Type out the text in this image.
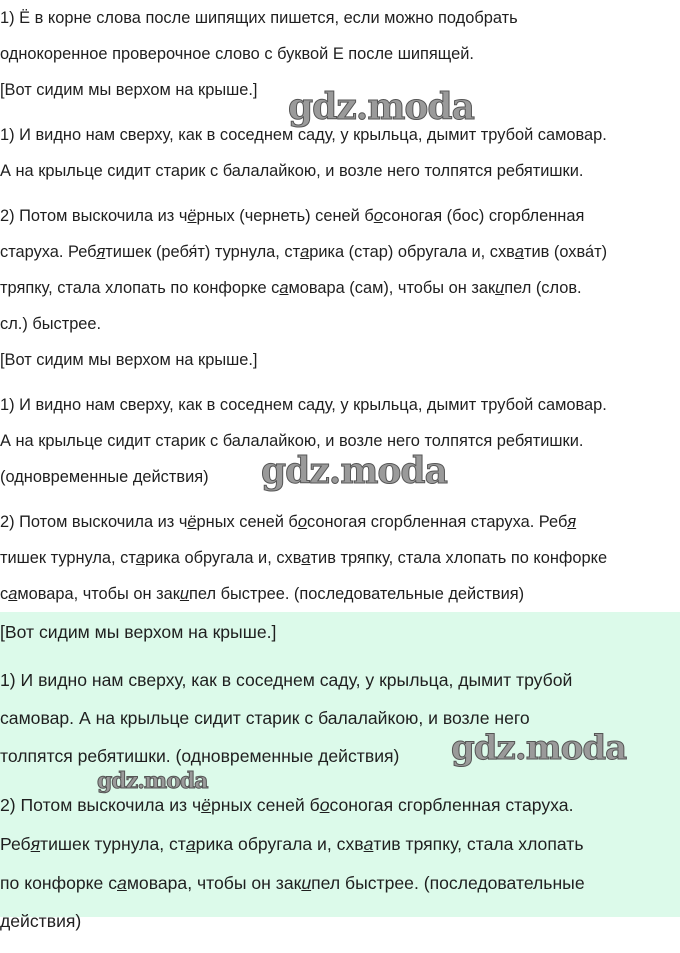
1) Ё в корне слова после шипящих пишется, если можно подобрать
однокоренное проверочное слово с буквой Е после шипящей.
[Вот сидим мы верхом на крыше.]
1) И видно нам сверху, как в соседнем саду, у крыльца, дымит трубой самовар.
А на крыльце сидит старик с балалайкою, и возле него толпятся ребятишки.
2) Потом выскочила из чёрных (чернеть) сеней босоногая (бос) сгорбленная
старуха. Ребятишек (ребя́т) турнула, старика (стар) обругала и, схватив (охва́т)
тряпку, стала хлопать по конфорке самовара (сам), чтобы он закипел (слов.
сл.) быстрее.
[Вот сидим мы верхом на крыше.]
1) И видно нам сверху, как в соседнем саду, у крыльца, дымит трубой самовар.
А на крыльце сидит старик с балалайкою, и возле него толпятся ребятишки.
(одновременные действия)
2) Потом выскочила из чёрных сеней босоногая сгорбленная старуха. Ребя
тишек турнула, старика обругала и, схватив тряпку, стала хлопать по конфорке
самовара, чтобы он закипел быстрее. (последовательные действия)
[Вот сидим мы верхом на крыше.]
1) И видно нам сверху, как в соседнем саду, у крыльца, дымит трубой
самовар. А на крыльце сидит старик с балалайкою, и возле него
толпятся ребятишки. (одновременные действия)
2) Потом выскочила из чёрных сеней босоногая сгорбленная старуха.
Ребятишек турнула, старика обругала и, схватив тряпку, стала хлопать
по конфорке самовара, чтобы он закипел быстрее. (последовательные
действия)
gdz.moda
gdz.moda
gdz.moda
gdz.moda
